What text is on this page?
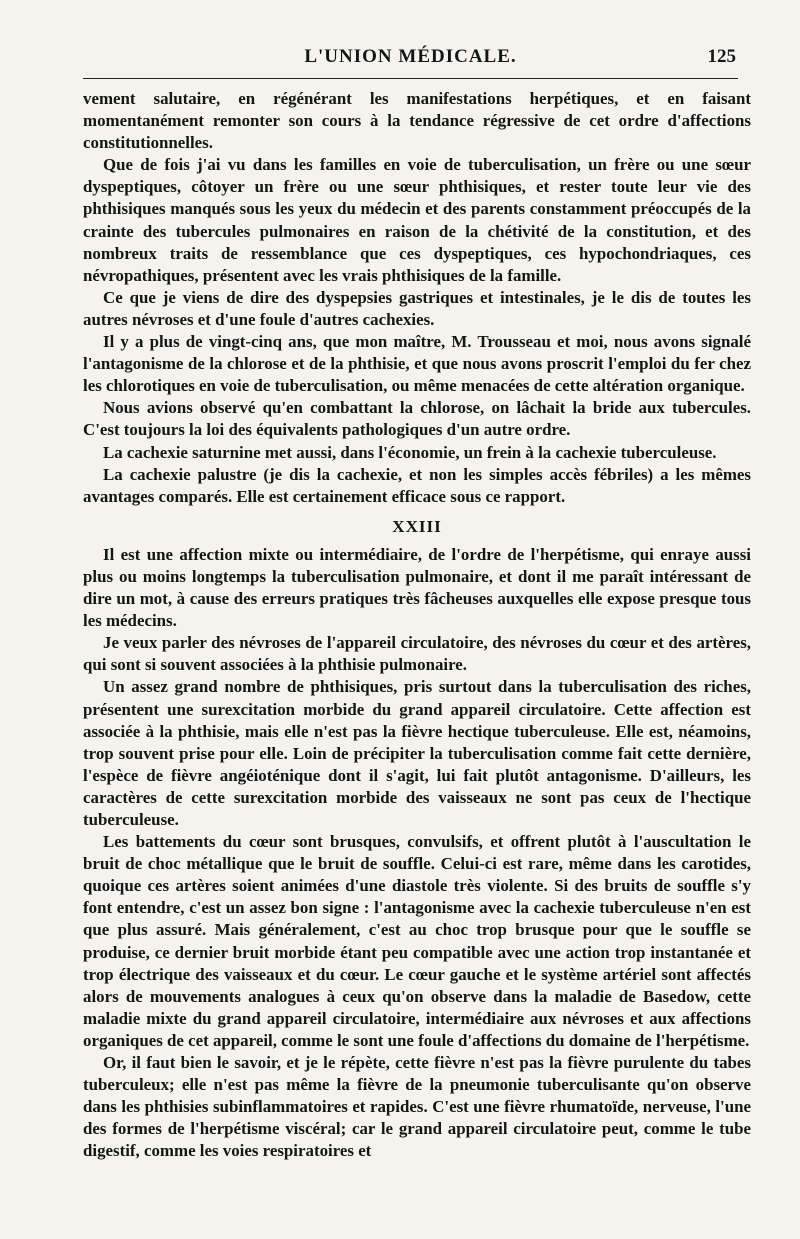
L'UNION MÉDICALE.	125

vement salutaire, en régénérant les manifestations herpétiques, et en faisant momentanément remonter son cours à la tendance régressive de cet ordre d'affections constitutionnelles.

Que de fois j'ai vu dans les familles en voie de tuberculisation, un frère ou une sœur dyspeptiques, côtoyer un frère ou une sœur phthisiques, et rester toute leur vie des phthisiques manqués sous les yeux du médecin et des parents constamment préoccupés de la crainte des tubercules pulmonaires en raison de la chétivité de la constitution, et des nombreux traits de ressemblance que ces dyspeptiques, ces hypochondriaques, ces névropathiques, présentent avec les vrais phthisiques de la famille.

Ce que je viens de dire des dyspepsies gastriques et intestinales, je le dis de toutes les autres névroses et d'une foule d'autres cachexies.

Il y a plus de vingt-cinq ans, que mon maître, M. Trousseau et moi, nous avons signalé l'antagonisme de la chlorose et de la phthisie, et que nous avons proscrit l'emploi du fer chez les chlorotiques en voie de tuberculisation, ou même menacées de cette altération organique.

Nous avions observé qu'en combattant la chlorose, on lâchait la bride aux tubercules. C'est toujours la loi des équivalents pathologiques d'un autre ordre.

La cachexie saturnine met aussi, dans l'économie, un frein à la cachexie tuberculeuse.

La cachexie palustre (je dis la cachexie, et non les simples accès fébriles) a les mêmes avantages comparés. Elle est certainement efficace sous ce rapport.

XXIII

Il est une affection mixte ou intermédiaire, de l'ordre de l'herpétisme, qui enraye aussi plus ou moins longtemps la tuberculisation pulmonaire, et dont il me paraît intéressant de dire un mot, à cause des erreurs pratiques très fâcheuses auxquelles elle expose presque tous les médecins.

Je veux parler des névroses de l'appareil circulatoire, des névroses du cœur et des artères, qui sont si souvent associées à la phthisie pulmonaire.

Un assez grand nombre de phthisiques, pris surtout dans la tuberculisation des riches, présentent une surexcitation morbide du grand appareil circulatoire. Cette affection est associée à la phthisie, mais elle n'est pas la fièvre hectique tuberculeuse. Elle est, néamoins, trop souvent prise pour elle. Loin de précipiter la tuberculisation comme fait cette dernière, l'espèce de fièvre angéioténique dont il s'agit, lui fait plutôt antagonisme. D'ailleurs, les caractères de cette surexcitation morbide des vaisseaux ne sont pas ceux de l'hectique tuberculeuse.

Les battements du cœur sont brusques, convulsifs, et offrent plutôt à l'auscultation le bruit de choc métallique que le bruit de souffle. Celui-ci est rare, même dans les carotides, quoique ces artères soient animées d'une diastole très violente. Si des bruits de souffle s'y font entendre, c'est un assez bon signe : l'antagonisme avec la cachexie tuberculeuse n'en est que plus assuré. Mais généralement, c'est au choc trop brusque pour que le souffle se produise, ce dernier bruit morbide étant peu compatible avec une action trop instantanée et trop électrique des vaisseaux et du cœur. Le cœur gauche et le système artériel sont affectés alors de mouvements analogues à ceux qu'on observe dans la maladie de Basedow, cette maladie mixte du grand appareil circulatoire, intermédiaire aux névroses et aux affections organiques de cet appareil, comme le sont une foule d'affections du domaine de l'herpétisme.

Or, il faut bien le savoir, et je le répète, cette fièvre n'est pas la fièvre purulente du tabes tuberculeux; elle n'est pas même la fièvre de la pneumonie tuberculisante qu'on observe dans les phthisies subinflammatoires et rapides. C'est une fièvre rhumatoïde, nerveuse, l'une des formes de l'herpétisme viscéral; car le grand appareil circulatoire peut, comme le tube digestif, comme les voies respiratoires et
